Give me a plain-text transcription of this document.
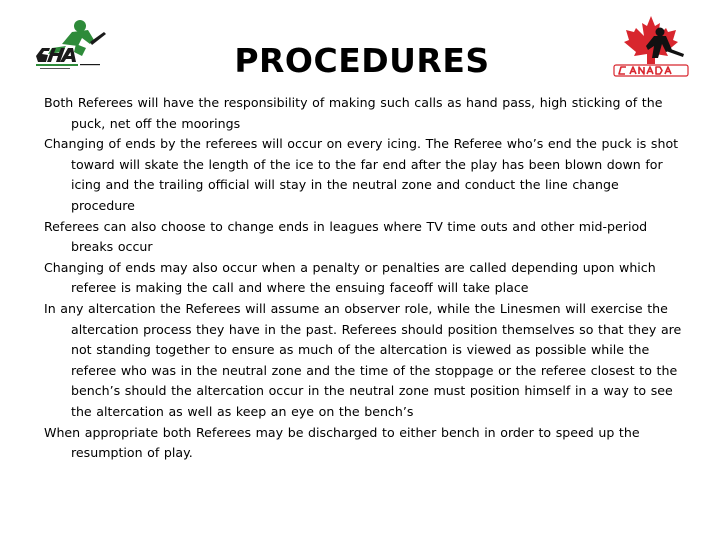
PROCEDURES
Both Referees will have the responsibility of making such calls as hand pass, high sticking of the puck, net off the moorings
Changing of ends by the referees will occur on every icing. The Referee who’s end the puck is shot toward will skate the length of the ice to the far end after the play has been blown down for icing and the trailing official will stay in the neutral zone and conduct the line change procedure
Referees can also choose to change ends in leagues where TV time outs and other mid-period breaks occur
Changing of ends may also occur when a penalty or penalties are called depending upon which referee is making the call and where the ensuing faceoff will take place
In any altercation the Referees will assume an observer role, while the Linesmen will exercise the altercation process they have in the past. Referees should position themselves so that they are not standing together to ensure as much of the altercation is viewed as possible while the referee who was in the neutral zone and the time of the stoppage or the referee closest to the bench’s should the altercation occur in the neutral zone must position himself in a way to see the altercation as well as keep an eye on the bench’s
When appropriate both Referees may be discharged to either bench in order to speed up the resumption of play.
